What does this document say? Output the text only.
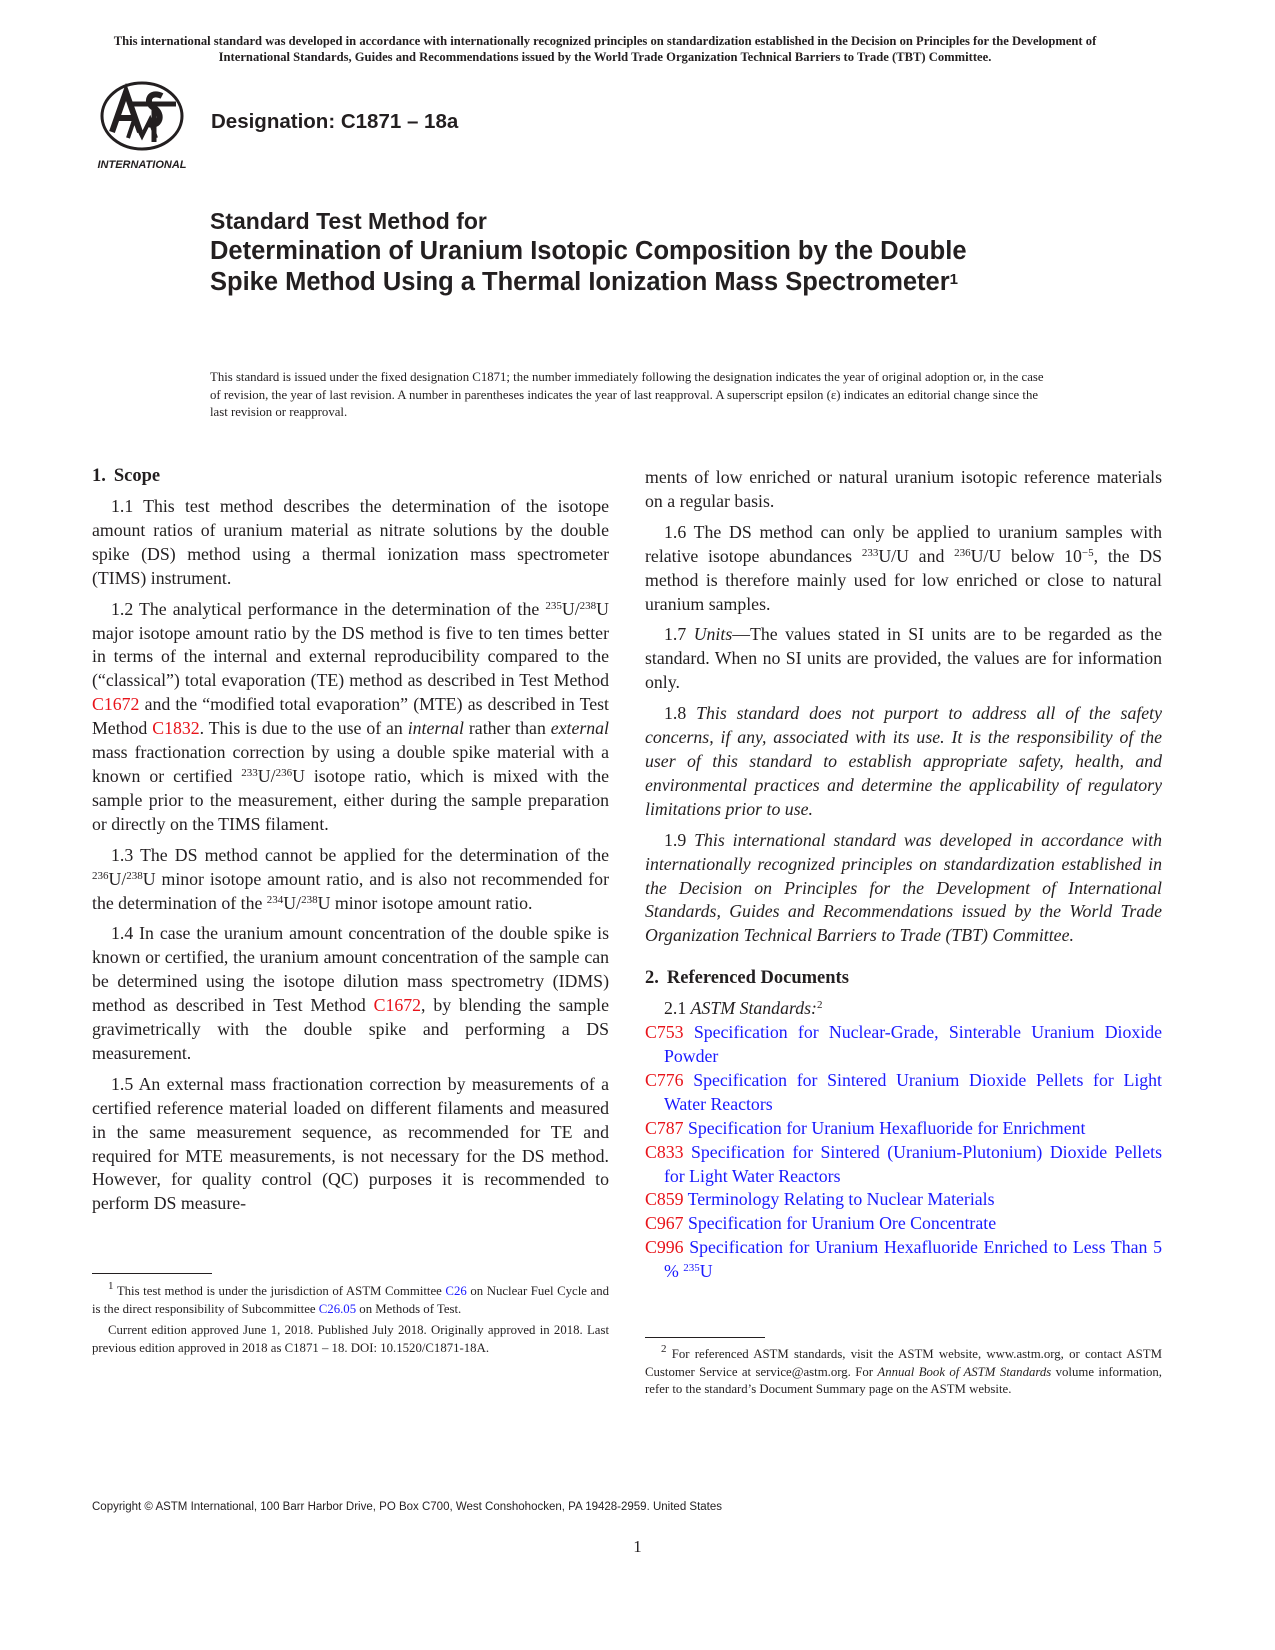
This international standard was developed in accordance with internationally recognized principles on standardization established in the Decision on Principles for the Development of International Standards, Guides and Recommendations issued by the World Trade Organization Technical Barriers to Trade (TBT) Committee.
INTERNATIONAL
Designation: C1871 – 18a
Standard Test Method for
Determination of Uranium Isotopic Composition by the Double Spike Method Using a Thermal Ionization Mass Spectrometer$^1$
This standard is issued under the fixed designation C1871; the number immediately following the designation indicates the year of original adoption or, in the case of revision, the year of last revision. A number in parentheses indicates the year of last reapproval. A superscript epsilon (ε) indicates an editorial change since the last revision or reapproval.
1. Scope

1.1 This test method describes the determination of the isotope amount ratios of uranium material as nitrate solutions by the double spike (DS) method using a thermal ionization mass spectrometer (TIMS) instrument.

1.2 The analytical performance in the determination of the $^{235}$U/$^{238}$U major isotope amount ratio by the DS method is five to ten times better in terms of the internal and external reproducibility compared to the (“classical”) total evaporation (TE) method as described in Test Method C1672 and the “modified total evaporation” (MTE) as described in Test Method C1832. This is due to the use of an internal rather than external mass fractionation correction by using a double spike material with a known or certified $^{233}$U/$^{236}$U isotope ratio, which is mixed with the sample prior to the measurement, either during the sample preparation or directly on the TIMS filament.

1.3 The DS method cannot be applied for the determination of the $^{236}$U/$^{238}$U minor isotope amount ratio, and is also not recommended for the determination of the $^{234}$U/$^{238}$U minor isotope amount ratio.

1.4 In case the uranium amount concentration of the double spike is known or certified, the uranium amount concentration of the sample can be determined using the isotope dilution mass spectrometry (IDMS) method as described in Test Method C1672, by blending the sample gravimetrically with the double spike and performing a DS measurement.

1.5 An external mass fractionation correction by measurements of a certified reference material loaded on different filaments and measured in the same measurement sequence, as recommended for TE and required for MTE measurements, is not necessary for the DS method. However, for quality control (QC) purposes it is recommended to perform DS measure-

$^1$ This test method is under the jurisdiction of ASTM Committee C26 on Nuclear Fuel Cycle and is the direct responsibility of Subcommittee C26.05 on Methods of Test.

Current edition approved June 1, 2018. Published July 2018. Originally approved in 2018. Last previous edition approved in 2018 as C1871 – 18. DOI: 10.1520/C1871-18A.

ments of low enriched or natural uranium isotopic reference materials on a regular basis.

1.6 The DS method can only be applied to uranium samples with relative isotope abundances $^{233}$U/U and $^{236}$U/U below $10^{-5}$, the DS method is therefore mainly used for low enriched or close to natural uranium samples.

1.7 Units—The values stated in SI units are to be regarded as the standard. When no SI units are provided, the values are for information only.

1.8 This standard does not purport to address all of the safety concerns, if any, associated with its use. It is the responsibility of the user of this standard to establish appropriate safety, health, and environmental practices and determine the applicability of regulatory limitations prior to use.

1.9 This international standard was developed in accordance with internationally recognized principles on standardization established in the Decision on Principles for the Development of International Standards, Guides and Recommendations issued by the World Trade Organization Technical Barriers to Trade (TBT) Committee.

2. Referenced Documents

2.1 ASTM Standards:$^2$

C753 Specification for Nuclear-Grade, Sinterable Uranium Dioxide Powder
C776 Specification for Sintered Uranium Dioxide Pellets for Light Water Reactors
C787 Specification for Uranium Hexafluoride for Enrichment
C833 Specification for Sintered (Uranium-Plutonium) Dioxide Pellets for Light Water Reactors
C859 Terminology Relating to Nuclear Materials
C967 Specification for Uranium Ore Concentrate
C996 Specification for Uranium Hexafluoride Enriched to Less Than 5 % $^{235}$U

$^2$ For referenced ASTM standards, visit the ASTM website, www.astm.org, or contact ASTM Customer Service at service@astm.org. For Annual Book of ASTM Standards volume information, refer to the standard’s Document Summary page on the ASTM website.

Copyright © ASTM International, 100 Barr Harbor Drive, PO Box C700, West Conshohocken, PA 19428-2959. United States
1
